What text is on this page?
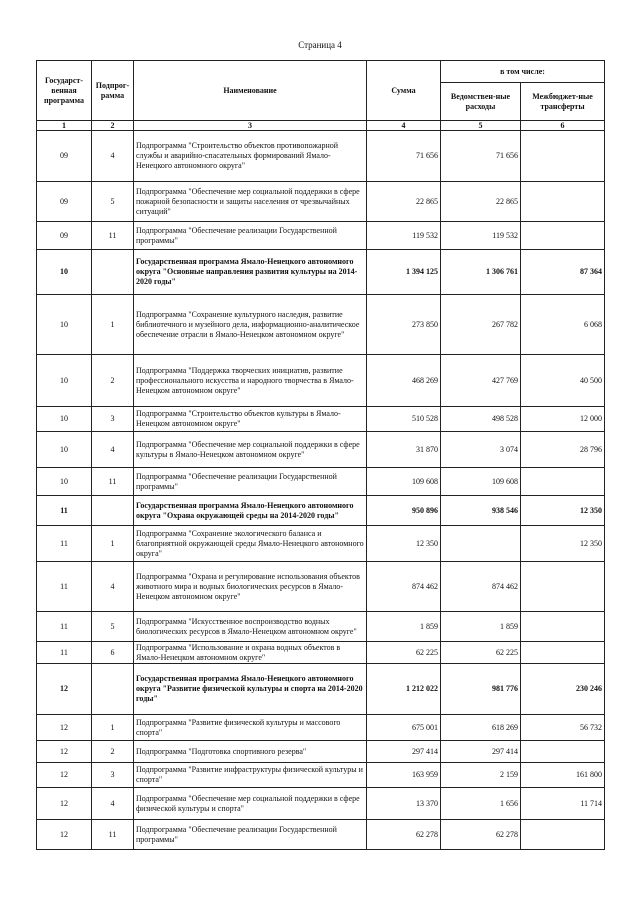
Страница 4
Государст-венная программа	Подпрог-рамма	Наименование	Сумма	в том числе:	
				Ведомствен-ные расходы	Межбюджет-ные трансферты
1	2	3	4	5	6
09	4	Подпрограмма "Строительство объектов противопожарной службы и аварийно-спасательных формирований Ямало-Ненецкого автономного округа"	71 656	71 656	
09	5	Подпрограмма "Обеспечение мер социальной поддержки в сфере пожарной безопасности и защиты населения от чрезвычайных ситуаций"	22 865	22 865	
09	11	Подпрограмма "Обеспечение реализации Государственной программы"	119 532	119 532	
10		Государственная программа Ямало-Ненецкого автономного округа "Основные направления развития культуры на 2014-2020 годы"	1 394 125	1 306 761	87 364
10	1	Подпрограмма "Сохранение культурного наследия, развитие библиотечного и музейного дела, информационно-аналитическое обеспечение отрасли в Ямало-Ненецком автономном округе"	273 850	267 782	6 068
10	2	Подпрограмма "Поддержка творческих инициатив, развитие профессионального искусства и народного творчества в Ямало-Ненецком автономном округе"	468 269	427 769	40 500
10	3	Подпрограмма "Строительство объектов культуры в Ямало-Ненецком автономном округе"	510 528	498 528	12 000
10	4	Подпрограмма "Обеспечение мер социальной поддержки в сфере культуры в Ямало-Ненецком автономном округе"	31 870	3 074	28 796
10	11	Подпрограмма "Обеспечение реализации Государственной программы"	109 608	109 608	
11		Государственная программа Ямало-Ненецкого автономного округа "Охрана окружающей среды на 2014-2020 годы"	950 896	938 546	12 350
11	1	Подпрограмма "Сохранение экологического баланса и благоприятной окружающей среды Ямало-Ненецкого автономного округа"	12 350		12 350
11	4	Подпрограмма "Охрана и регулирование использования объектов животного мира и водных биологических ресурсов в Ямало-Ненецком автономном округе"	874 462	874 462	
11	5	Подпрограмма "Искусственное воспроизводство водных биологических ресурсов в Ямало-Ненецком автономном округе"	1 859	1 859	
11	6	Подпрограмма "Использование и охрана водных объектов в Ямало-Ненецком автономном округе"	62 225	62 225	
12		Государственная программа Ямало-Ненецкого автономного округа "Развитие физической культуры и спорта на 2014-2020 годы"	1 212 022	981 776	230 246
12	1	Подпрограмма "Развитие физической культуры и массового спорта"	675 001	618 269	56 732
12	2	Подпрограмма "Подготовка спортивного резерва"	297 414	297 414	
12	3	Подпрограмма "Развитие инфраструктуры физической культуры и спорта"	163 959	2 159	161 800
12	4	Подпрограмма "Обеспечение мер социальной поддержки в сфере физической культуры и спорта"	13 370	1 656	11 714
12	11	Подпрограмма "Обеспечение реализации Государственной программы"	62 278	62 278	
